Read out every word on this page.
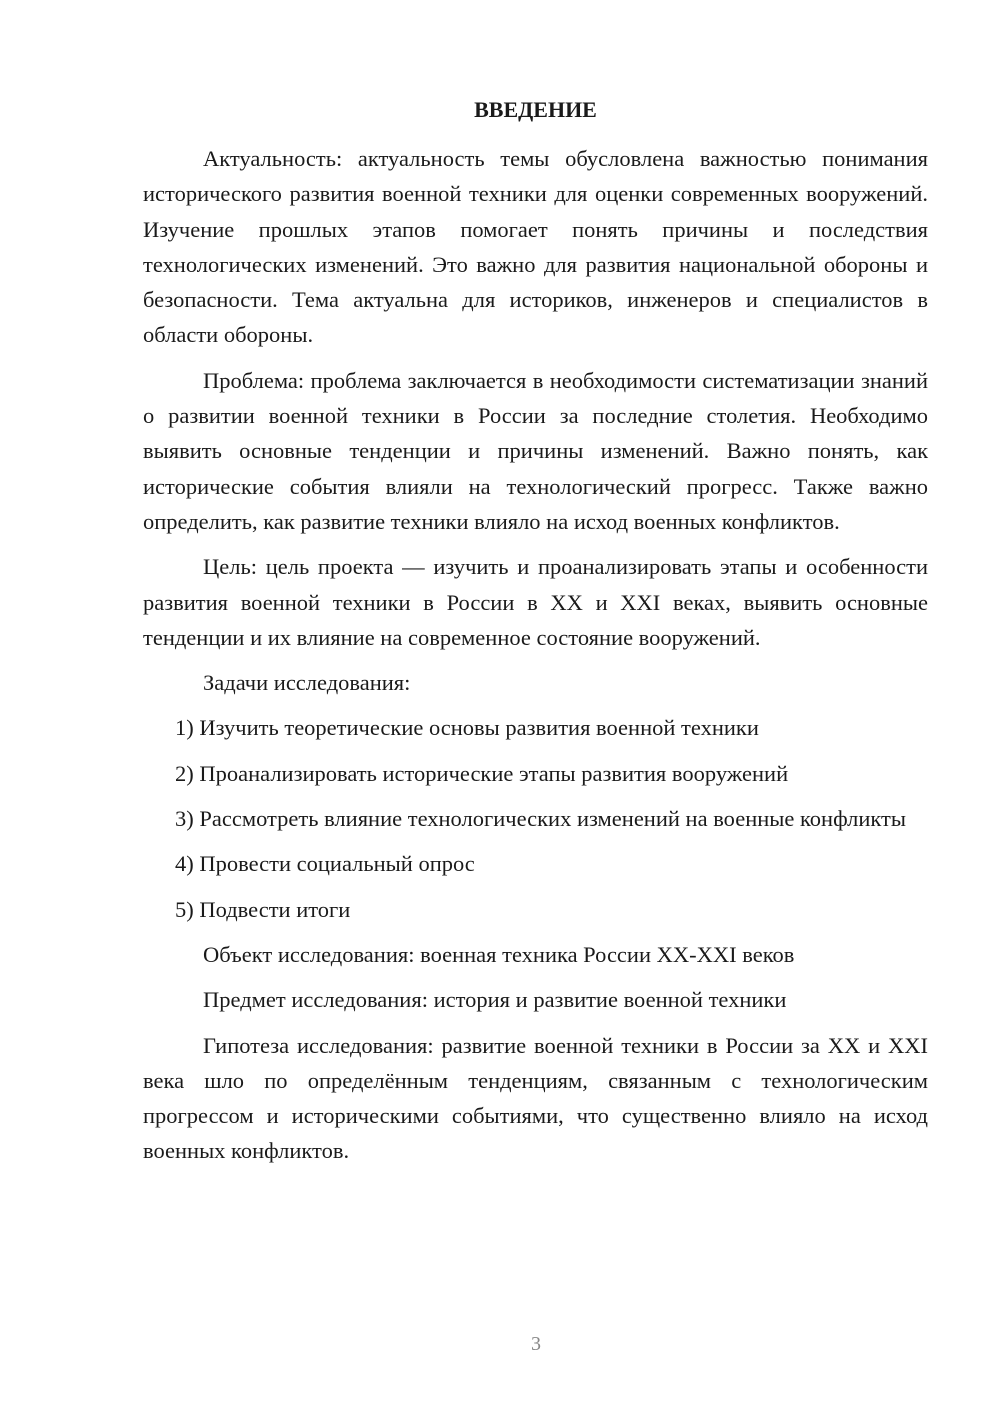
ВВЕДЕНИЕ

Актуальность: актуальность темы обусловлена важностью понимания исторического развития военной техники для оценки современных вооружений. Изучение прошлых этапов помогает понять причины и последствия технологических изменений. Это важно для развития национальной обороны и безопасности. Тема актуальна для историков, инженеров и специалистов в области обороны.

Проблема: проблема заключается в необходимости систематизации знаний о развитии военной техники в России за последние столетия. Необходимо выявить основные тенденции и причины изменений. Важно понять, как исторические события влияли на технологический прогресс. Также важно определить, как развитие техники влияло на исход военных конфликтов.

Цель: цель проекта — изучить и проанализировать этапы и особенности развития военной техники в России в XX и XXI веках, выявить основные тенденции и их влияние на современное состояние вооружений.

Задачи исследования:

1) Изучить теоретические основы развития военной техники

2) Проанализировать исторические этапы развития вооружений

3) Рассмотреть влияние технологических изменений на военные конфликты

4) Провести социальный опрос

5) Подвести итоги

Объект исследования: военная техника России XX-XXI веков

Предмет исследования: история и развитие военной техники

Гипотеза исследования: развитие военной техники в России за XX и XXI века шло по определённым тенденциям, связанным с технологическим прогрессом и историческими событиями, что существенно влияло на исход военных конфликтов.

3
